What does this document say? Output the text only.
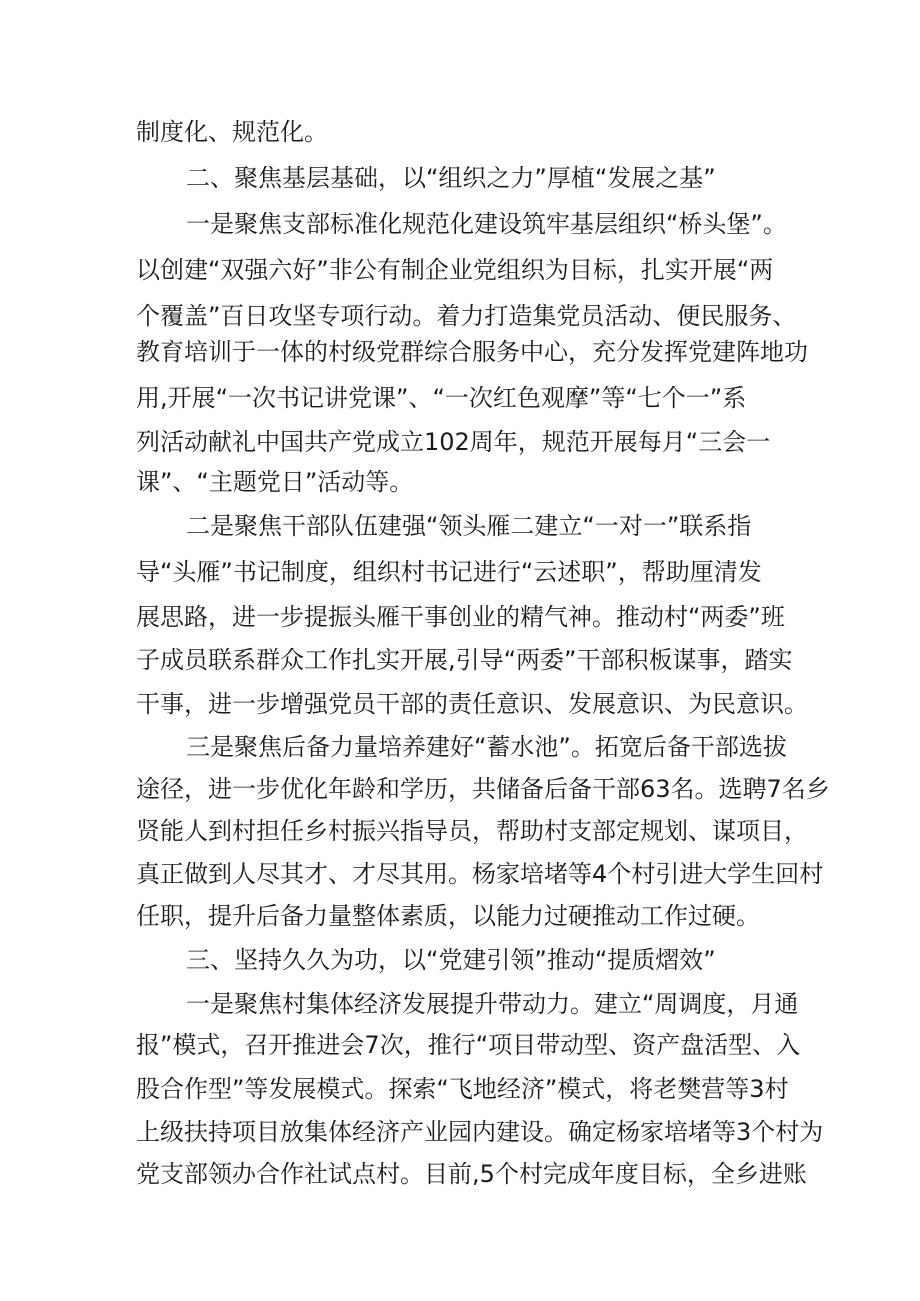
制度化、规范化。

二、聚焦基层基础，以“组织之力”厚植“发展之基”

一是聚焦支部标准化规范化建设筑牢基层组织“桥头堡”。

以创建“双强六好”非公有制企业党组织为目标，扎实开展“两

个覆盖”百日攻坚专项行动。着力打造集党员活动、便民服务、

教育培训于一体的村级党群综合服务中心，充分发挥党建阵地功

用,开展“一次书记讲党课”、“一次红色观摩”等“七个一”系

列活动献礼中国共产党成立102周年，规范开展每月“三会一

课”、“主题党日”活动等。

二是聚焦干部队伍建强“领头雁二建立“一对一”联系指

导“头雁”书记制度，组织村书记进行“云述职”，帮助厘清发

展思路，进一步提振头雁干事创业的精气神。推动村“两委”班

子成员联系群众工作扎实开展,引导“两委”干部积板谋事，踏实

干事，进一步增强党员干部的责任意识、发展意识、为民意识。

三是聚焦后备力量培养建好“蓄水池”。拓宽后备干部选拔

途径，进一步优化年龄和学历，共储备后备干部63名。选聘7名乡

贤能人到村担任乡村振兴指导员，帮助村支部定规划、谋项目，

真正做到人尽其才、才尽其用。杨家培堵等4个村引进大学生回村

任职，提升后备力量整体素质，以能力过硬推动工作过硬。

三、坚持久久为功，以“党建引领”推动“提质熠效”

一是聚焦村集体经济发展提升带动力。建立“周调度，月通

报”模式，召开推进会7次，推行“项目带动型、资产盘活型、入

股合作型”等发展模式。探索“飞地经济”模式，将老樊营等3村

上级扶持项目放集体经济产业园内建设。确定杨家培堵等3个村为

党支部领办合作社试点村。目前,5个村完成年度目标，全乡进账
